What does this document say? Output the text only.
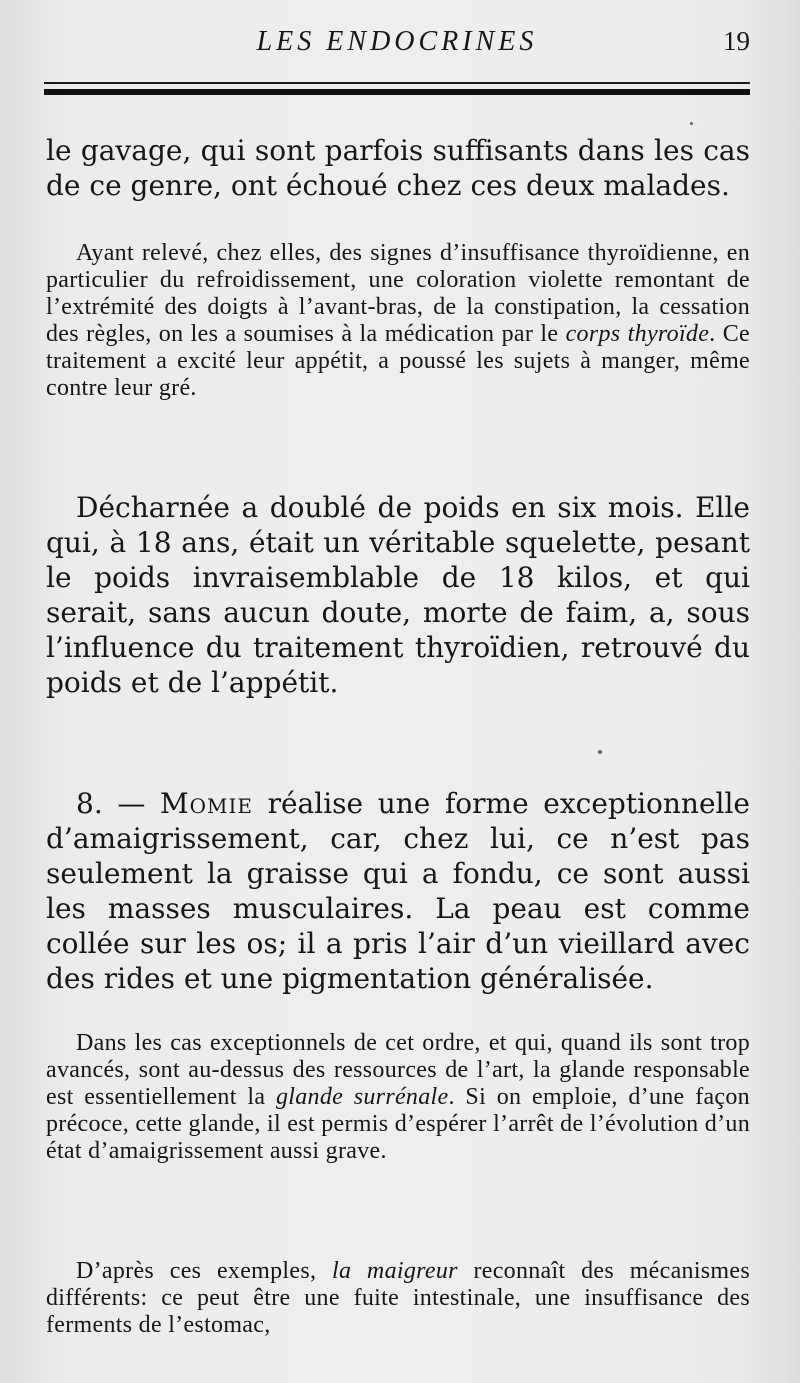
LES ENDOCRINES	19

le gavage, qui sont parfois suffisants dans les cas de ce genre, ont échoué chez ces deux malades.

Ayant relevé, chez elles, des signes d’insuffisance thyroïdienne, en particulier du refroidissement, une coloration violette remontant de l’extrémité des doigts à l’avant-bras, de la constipation, la cessation des règles, on les a soumises à la médication par le corps thyroïde. Ce traitement a excité leur appétit, a poussé les sujets à manger, même contre leur gré.

Décharnée a doublé de poids en six mois. Elle qui, à 18 ans, était un véritable squelette, pesant le poids invraisemblable de 18 kilos, et qui serait, sans aucun doute, morte de faim, a, sous l’influence du traitement thyroïdien, retrouvé du poids et de l’appétit.

8. — Momie réalise une forme exceptionnelle d’amaigrissement, car, chez lui, ce n’est pas seulement la graisse qui a fondu, ce sont aussi les masses musculaires. La peau est comme collée sur les os; il a pris l’air d’un vieillard avec des rides et une pigmentation généralisée.

Dans les cas exceptionnels de cet ordre, et qui, quand ils sont trop avancés, sont au-dessus des ressources de l’art, la glande responsable est essentiellement la glande surrénale. Si on emploie, d’une façon précoce, cette glande, il est permis d’espérer l’arrêt de l’évolution d’un état d’amaigrissement aussi grave.

D’après ces exemples, la maigreur reconnaît des mécanismes différents: ce peut être une fuite intestinale, une insuffisance des ferments de l’estomac,
